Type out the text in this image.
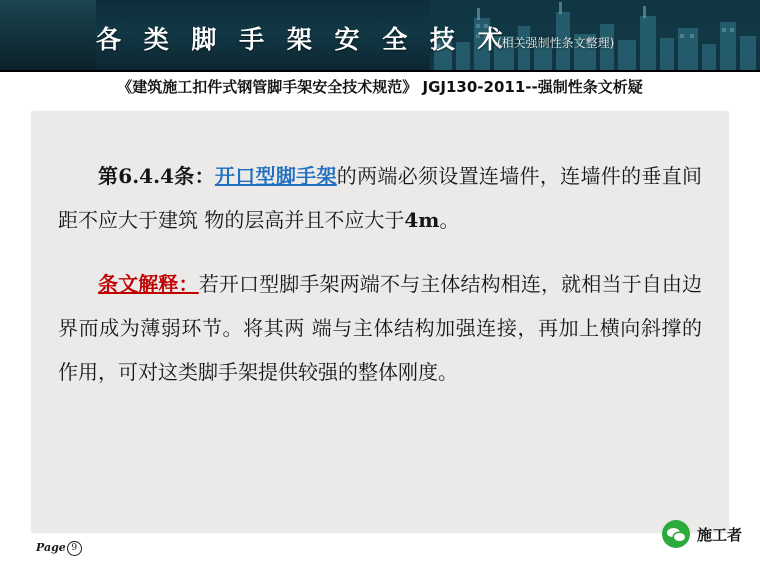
各 类 脚 手 架 安 全 技 术
(相关强制性条文整理)
《建筑施工扣件式钢管脚手架安全技术规范》 JGJ130-2011--强制性条文析疑

第6.4.4条：开口型脚手架的两端必须设置连墙件，连墙件的垂直间距不应大于建筑 物的层高并且不应大于4m。

条文解释：若开口型脚手架两端不与主体结构相连，就相当于自由边界而成为薄弱环节。将其两 端与主体结构加强连接，再加上横向斜撑的作用，可对这类脚手架提供较强的整体刚度。

Page 9
施工者
